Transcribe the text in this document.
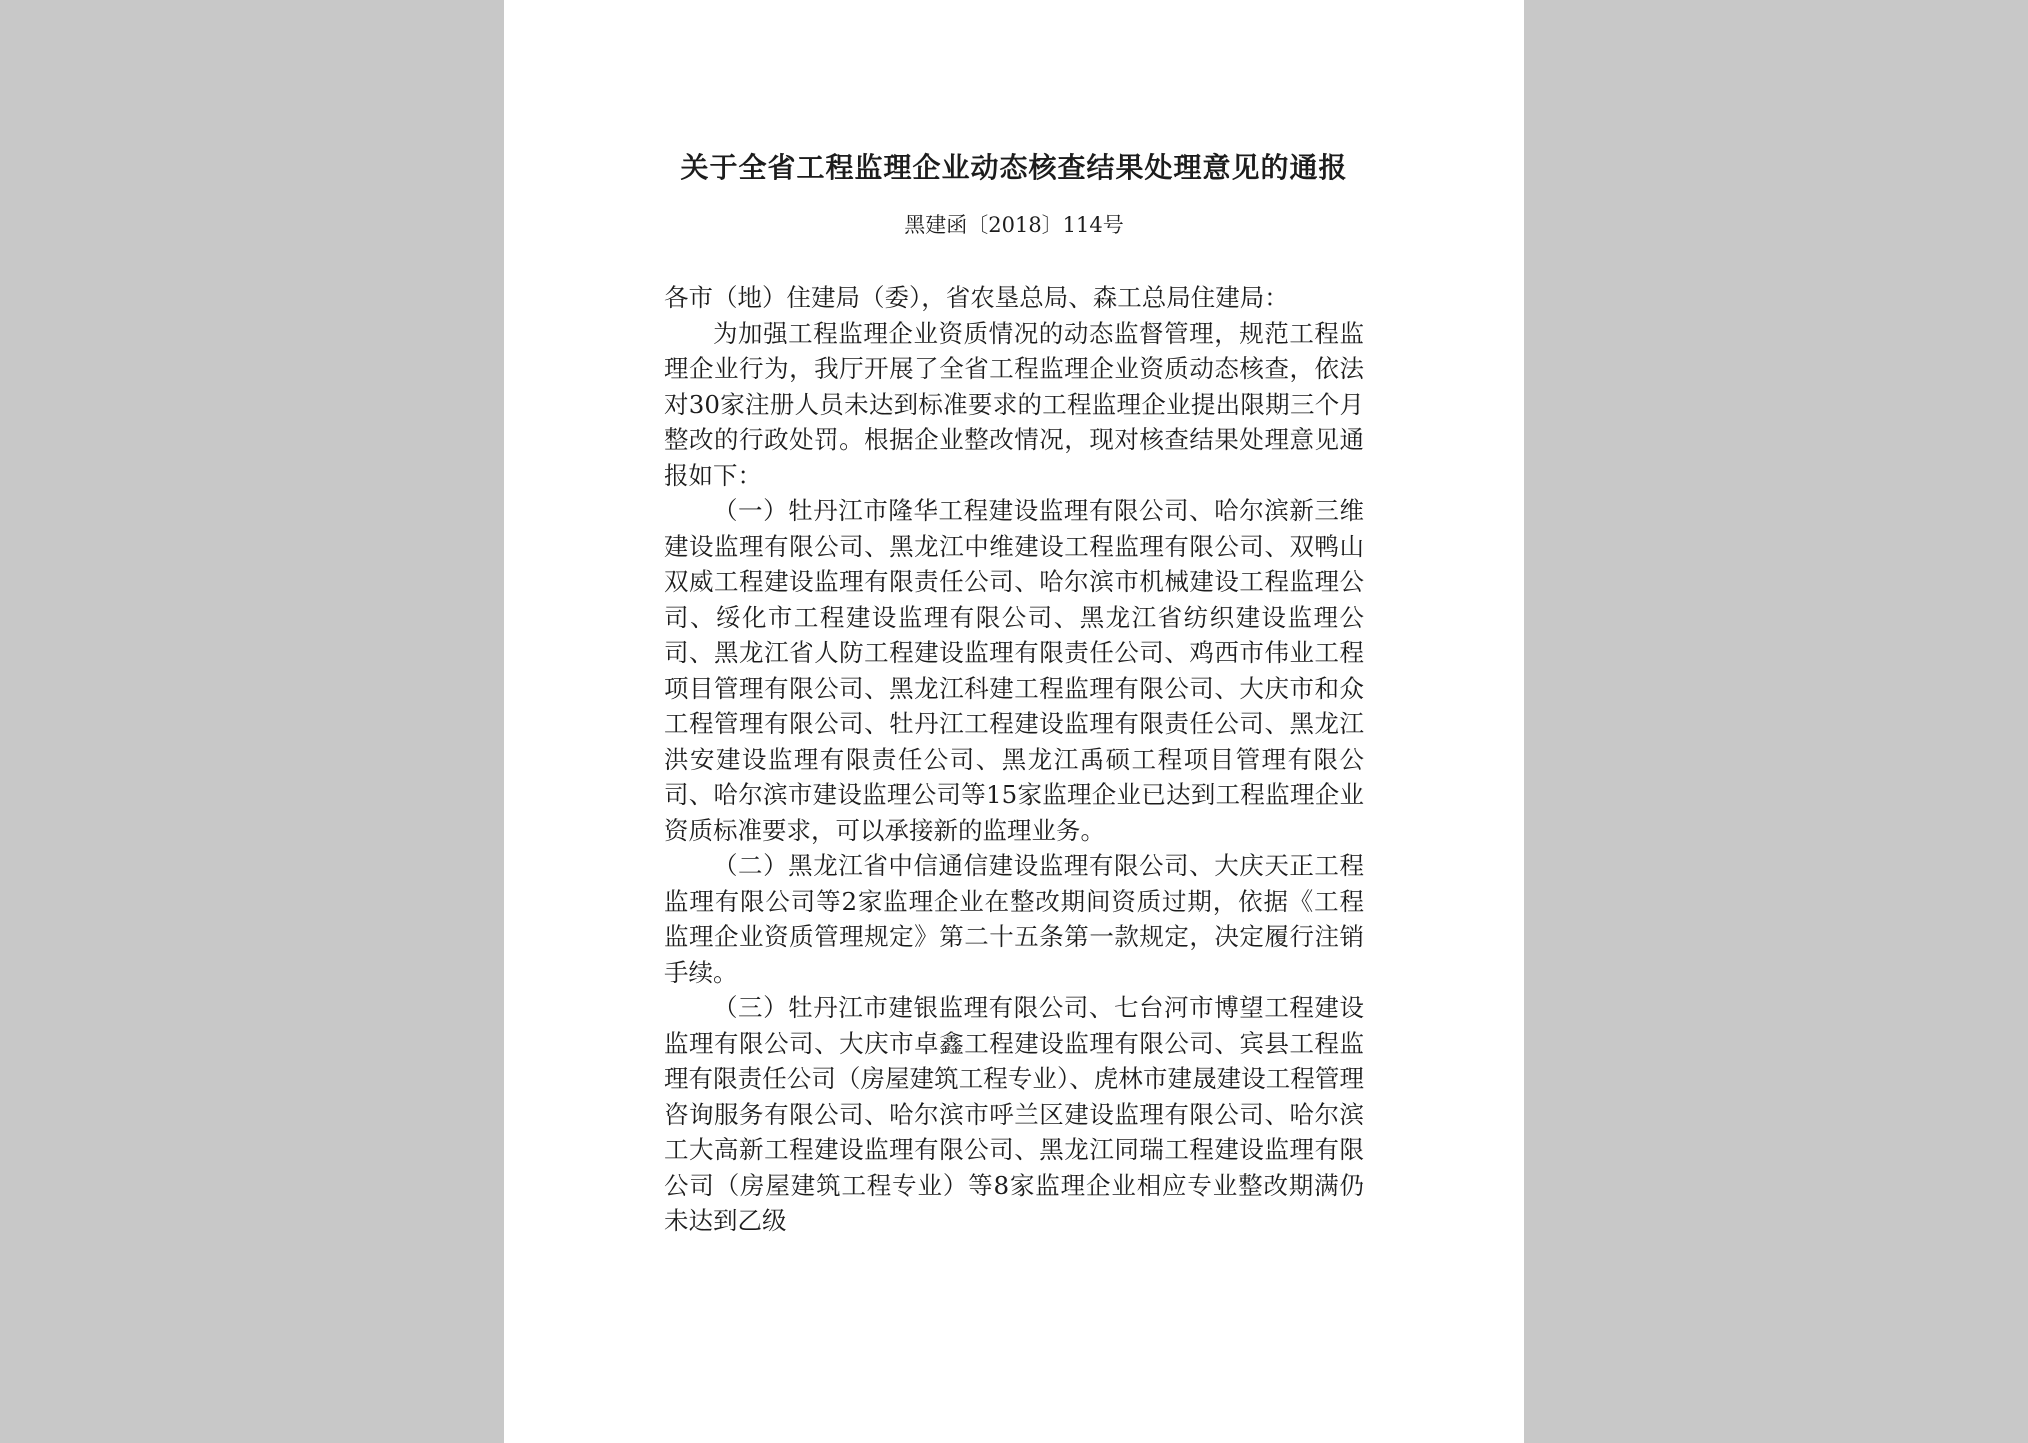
关于全省工程监理企业动态核查结果处理意见的通报
黑建函〔2018〕114号

各市（地）住建局（委），省农垦总局、森工总局住建局：

为加强工程监理企业资质情况的动态监督管理，规范工程监理企业行为，我厅开展了全省工程监理企业资质动态核查，依法对30家注册人员未达到标准要求的工程监理企业提出限期三个月整改的行政处罚。根据企业整改情况，现对核查结果处理意见通报如下：

（一）牡丹江市隆华工程建设监理有限公司、哈尔滨新三维建设监理有限公司、黑龙江中维建设工程监理有限公司、双鸭山双威工程建设监理有限责任公司、哈尔滨市机械建设工程监理公司、绥化市工程建设监理有限公司、黑龙江省纺织建设监理公司、黑龙江省人防工程建设监理有限责任公司、鸡西市伟业工程项目管理有限公司、黑龙江科建工程监理有限公司、大庆市和众工程管理有限公司、牡丹江工程建设监理有限责任公司、黑龙江洪安建设监理有限责任公司、黑龙江禹硕工程项目管理有限公司、哈尔滨市建设监理公司等15家监理企业已达到工程监理企业资质标准要求，可以承接新的监理业务。

（二）黑龙江省中信通信建设监理有限公司、大庆天正工程监理有限公司等2家监理企业在整改期间资质过期，依据《工程监理企业资质管理规定》第二十五条第一款规定，决定履行注销手续。

（三）牡丹江市建银监理有限公司、七台河市博望工程建设监理有限公司、大庆市卓鑫工程建设监理有限公司、宾县工程监理有限责任公司（房屋建筑工程专业）、虎林市建晟建设工程管理咨询服务有限公司、哈尔滨市呼兰区建设监理有限公司、哈尔滨工大高新工程建设监理有限公司、黑龙江同瑞工程建设监理有限公司（房屋建筑工程专业）等8家监理企业相应专业整改期满仍未达到乙级
